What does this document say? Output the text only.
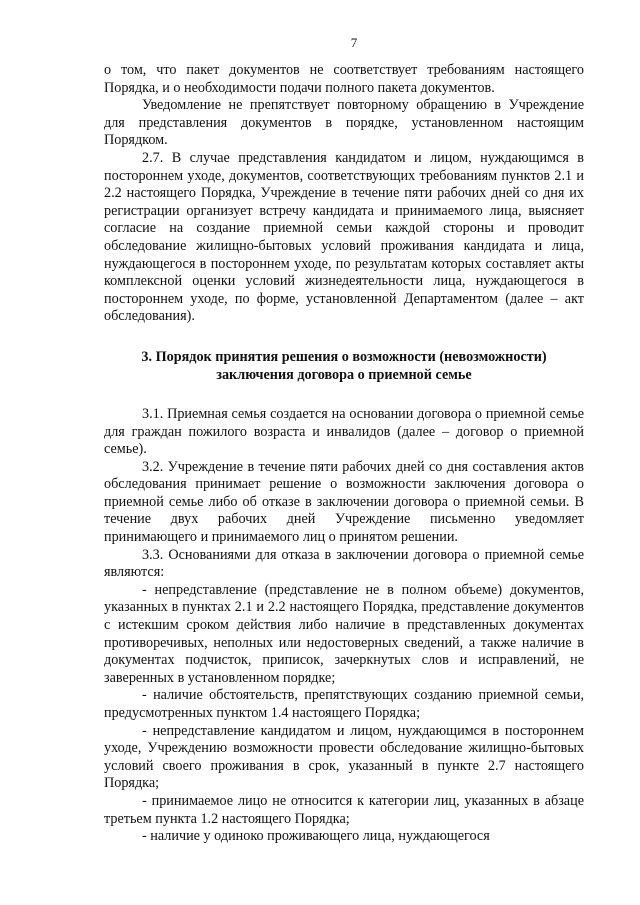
7

о том, что пакет документов не соответствует требованиям настоящего Порядка, и о необходимости подачи полного пакета документов.

Уведомление не препятствует повторному обращению в Учреждение для представления документов в порядке, установленном настоящим Порядком.

2.7. В случае представления кандидатом и лицом, нуждающимся в постороннем уходе, документов, соответствующих требованиям пунктов 2.1 и 2.2 настоящего Порядка, Учреждение в течение пяти рабочих дней со дня их регистрации организует встречу кандидата и принимаемого лица, выясняет согласие на создание приемной семьи каждой стороны и проводит обследование жилищно-бытовых условий проживания кандидата и лица, нуждающегося в постороннем уходе, по результатам которых составляет акты комплексной оценки условий жизнедеятельности лица, нуждающегося в постороннем уходе, по форме, установленной Департаментом (далее – акт обследования).

3. Порядок принятия решения о возможности (невозможности)
заключения договора о приемной семье

3.1. Приемная семья создается на основании договора о приемной семье для граждан пожилого возраста и инвалидов (далее – договор о приемной семье).

3.2. Учреждение в течение пяти рабочих дней со дня составления актов обследования принимает решение о возможности заключения договора о приемной семье либо об отказе в заключении договора о приемной семьи. В течение двух рабочих дней Учреждение письменно уведомляет принимающего и принимаемого лиц о принятом решении.

3.3. Основаниями для отказа в заключении договора о приемной семье являются:

- непредставление (представление не в полном объеме) документов, указанных в пунктах 2.1 и 2.2 настоящего Порядка, представление документов с истекшим сроком действия либо наличие в представленных документах противоречивых, неполных или недостоверных сведений, а также наличие в документах подчисток, приписок, зачеркнутых слов и исправлений, не заверенных в установленном порядке;

- наличие обстоятельств, препятствующих созданию приемной семьи, предусмотренных пунктом 1.4 настоящего Порядка;

- непредставление кандидатом и лицом, нуждающимся в постороннем уходе, Учреждению возможности провести обследование жилищно-бытовых условий своего проживания в срок, указанный в пункте 2.7 настоящего Порядка;

- принимаемое лицо не относится к категории лиц, указанных в абзаце третьем пункта 1.2 настоящего Порядка;

- наличие у одиноко проживающего лица, нуждающегося
